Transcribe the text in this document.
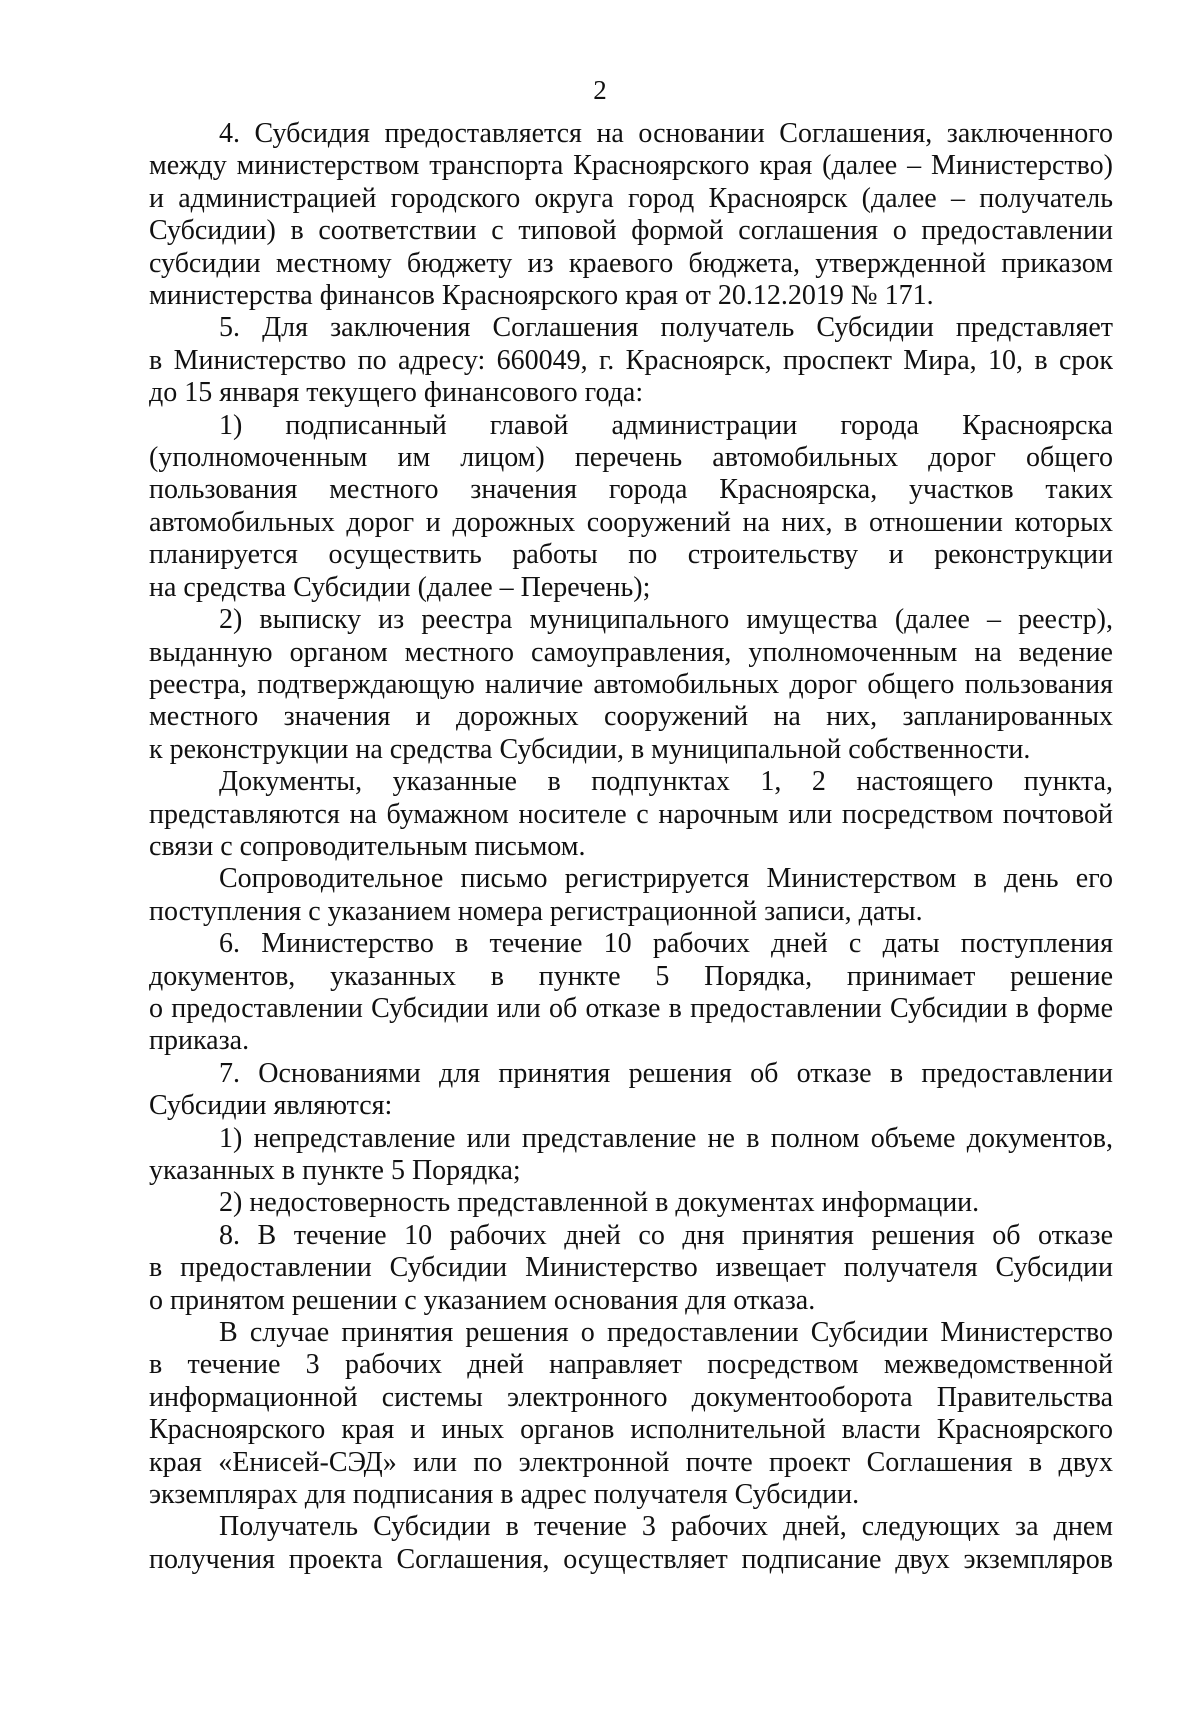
2
4. Субсидия предоставляется на основании Соглашения, заключенного
между министерством транспорта Красноярского края (далее – Министерство)
и администрацией городского округа город Красноярск (далее – получатель
Субсидии) в соответствии с типовой формой соглашения о предоставлении
субсидии местному бюджету из краевого бюджета, утвержденной приказом
министерства финансов Красноярского края от 20.12.2019 № 171.
5. Для заключения Соглашения получатель Субсидии представляет
в Министерство по адресу: 660049, г. Красноярск, проспект Мира, 10, в срок
до 15 января текущего финансового года:
1) подписанный главой администрации города Красноярска
(уполномоченным им лицом) перечень автомобильных дорог общего
пользования местного значения города Красноярска, участков таких
автомобильных дорог и дорожных сооружений на них, в отношении которых
планируется осуществить работы по строительству и реконструкции
на средства Субсидии (далее – Перечень);
2) выписку из реестра муниципального имущества (далее – реестр),
выданную органом местного самоуправления, уполномоченным на ведение
реестра, подтверждающую наличие автомобильных дорог общего пользования
местного значения и дорожных сооружений на них, запланированных
к реконструкции на средства Субсидии, в муниципальной собственности.
Документы, указанные в подпунктах 1, 2 настоящего пункта,
представляются на бумажном носителе с нарочным или посредством почтовой
связи с сопроводительным письмом.
Сопроводительное письмо регистрируется Министерством в день его
поступления с указанием номера регистрационной записи, даты.
6. Министерство в течение 10 рабочих дней с даты поступления
документов, указанных в пункте 5 Порядка, принимает решение
о предоставлении Субсидии или об отказе в предоставлении Субсидии в форме
приказа.
7. Основаниями для принятия решения об отказе в предоставлении
Субсидии являются:
1) непредставление или представление не в полном объеме документов,
указанных в пункте 5 Порядка;
2) недостоверность представленной в документах информации.
8. В течение 10 рабочих дней со дня принятия решения об отказе
в предоставлении Субсидии Министерство извещает получателя Субсидии
о принятом решении с указанием основания для отказа.
В случае принятия решения о предоставлении Субсидии Министерство
в течение 3 рабочих дней направляет посредством межведомственной
информационной системы электронного документооборота Правительства
Красноярского края и иных органов исполнительной власти Красноярского
края «Енисей-СЭД» или по электронной почте проект Соглашения в двух
экземплярах для подписания в адрес получателя Субсидии.
Получатель Субсидии в течение 3 рабочих дней, следующих за днем
получения проекта Соглашения, осуществляет подписание двух экземпляров
